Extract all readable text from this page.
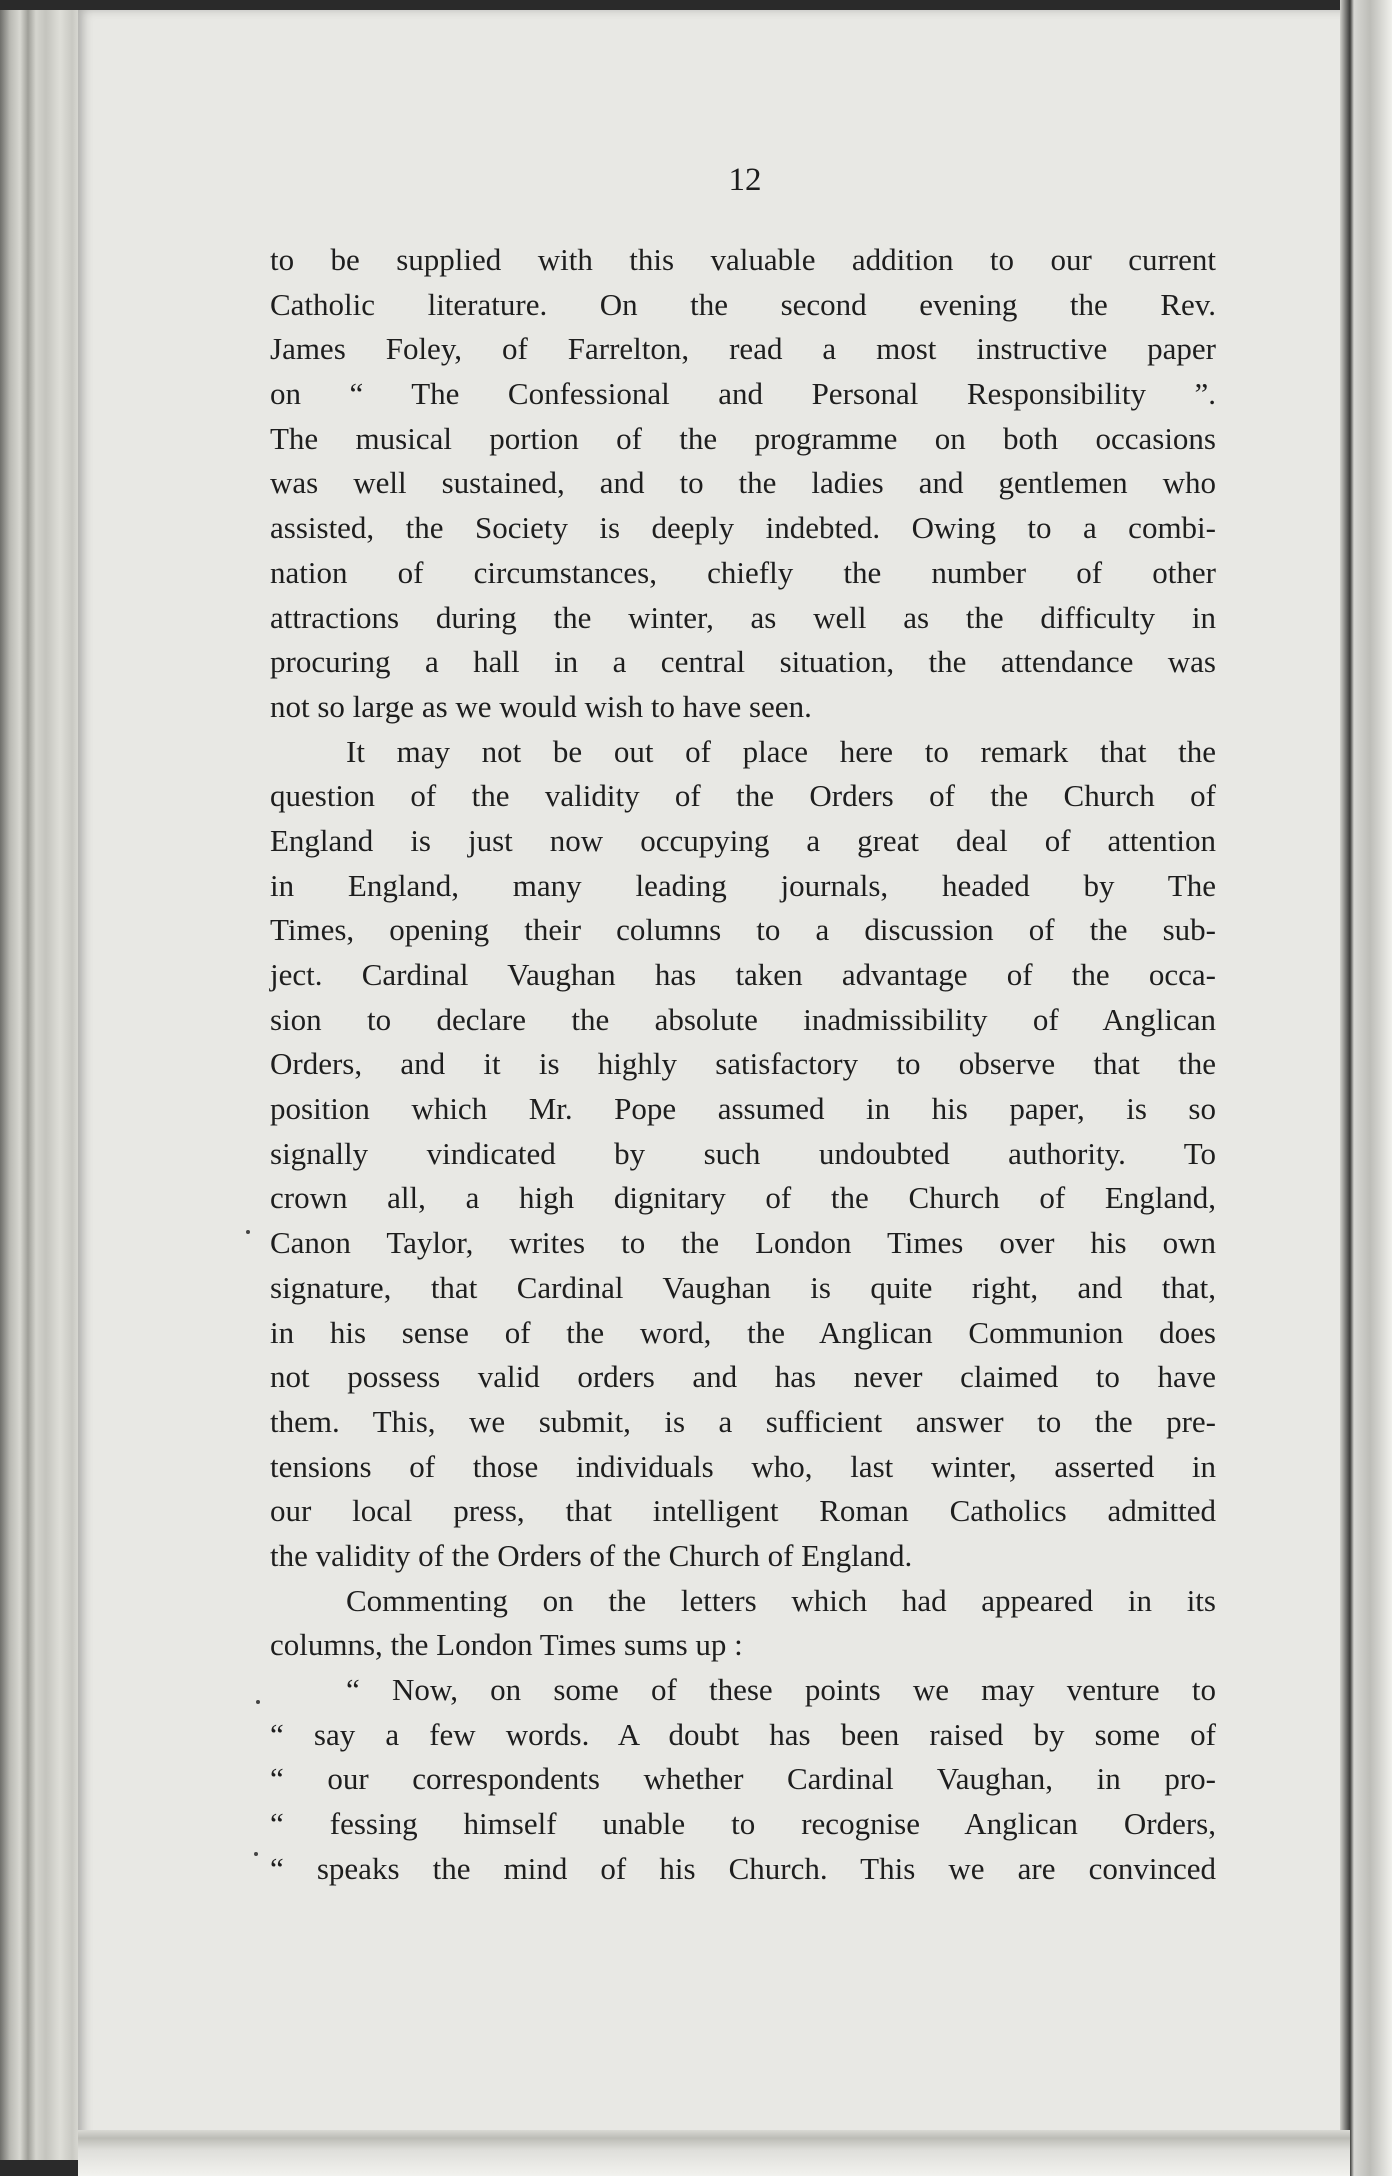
12
to be supplied with this valuable addition to our current
Catholic literature. On the second evening the Rev.
James Foley, of Farrelton, read a most instructive paper
on “ The Confessional and Personal Responsibility ”.
The musical portion of the programme on both occasions
was well sustained, and to the ladies and gentlemen who
assisted, the Society is deeply indebted. Owing to a combi-
nation of circumstances, chiefly the number of other
attractions during the winter, as well as the difficulty in
procuring a hall in a central situation, the attendance was
not so large as we would wish to have seen.
It may not be out of place here to remark that the
question of the validity of the Orders of the Church of
England is just now occupying a great deal of attention
in England, many leading journals, headed by The
Times, opening their columns to a discussion of the sub-
ject. Cardinal Vaughan has taken advantage of the occa-
sion to declare the absolute inadmissibility of Anglican
Orders, and it is highly satisfactory to observe that the
position which Mr. Pope assumed in his paper, is so
signally vindicated by such undoubted authority. To
crown all, a high dignitary of the Church of England,
Canon Taylor, writes to the London Times over his own
signature, that Cardinal Vaughan is quite right, and that,
in his sense of the word, the Anglican Communion does
not possess valid orders and has never claimed to have
them. This, we submit, is a sufficient answer to the pre-
tensions of those individuals who, last winter, asserted in
our local press, that intelligent Roman Catholics admitted
the validity of the Orders of the Church of England.
Commenting on the letters which had appeared in its
columns, the London Times sums up :
“ Now, on some of these points we may venture to
“ say a few words. A doubt has been raised by some of
“ our correspondents whether Cardinal Vaughan, in pro-
“ fessing himself unable to recognise Anglican Orders,
“ speaks the mind of his Church. This we are convinced
